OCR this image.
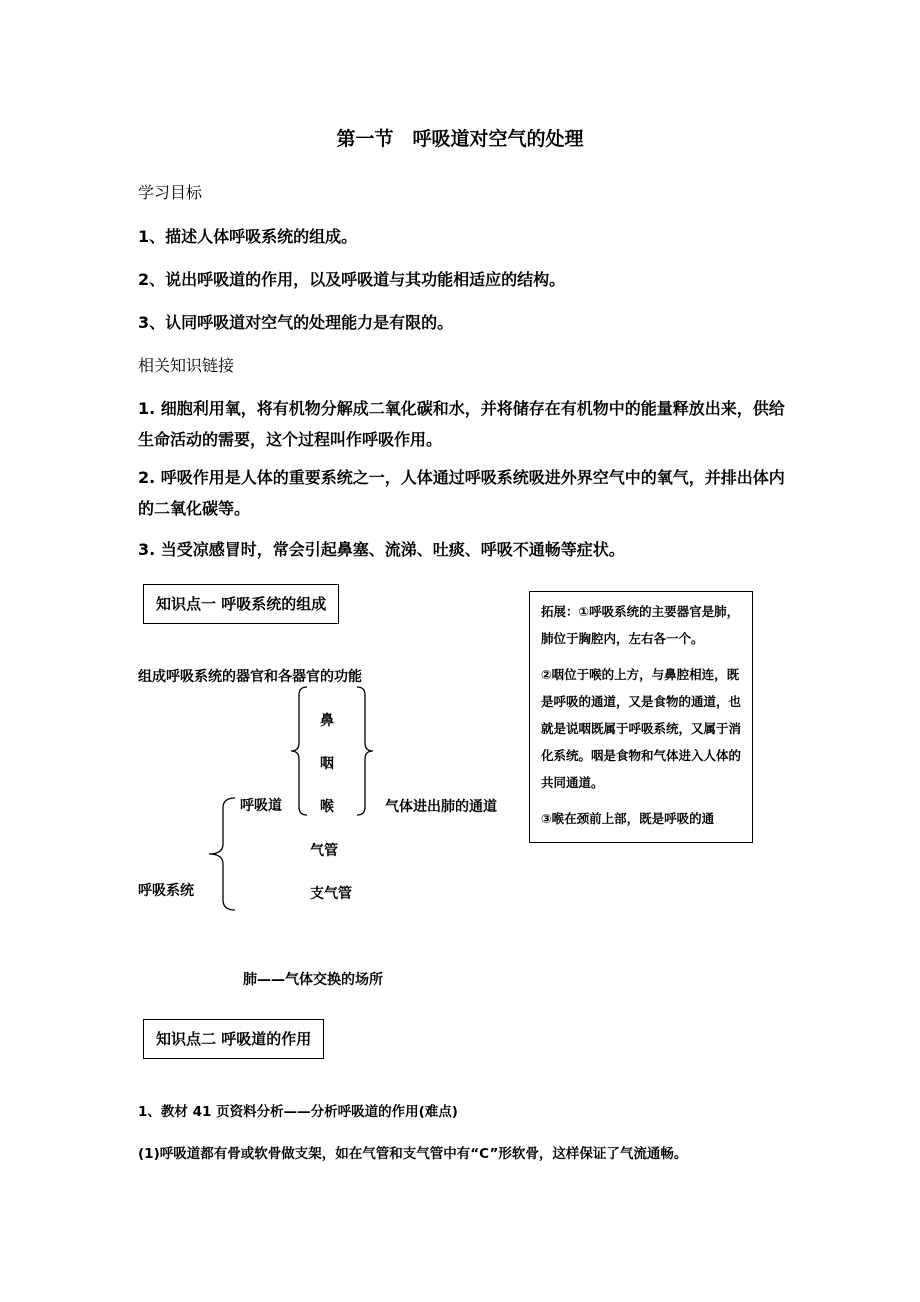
第一节　呼吸道对空气的处理
学习目标
1、描述人体呼吸系统的组成。
2、说出呼吸道的作用，以及呼吸道与其功能相适应的结构。
3、认同呼吸道对空气的处理能力是有限的。
相关知识链接
1. 细胞利用氧，将有机物分解成二氧化碳和水，并将储存在有机物中的能量释放出来，供给生命活动的需要，这个过程叫作呼吸作用。
2. 呼吸作用是人体的重要系统之一，人体通过呼吸系统吸进外界空气中的氧气，并排出体内的二氧化碳等。
3. 当受凉感冒时，常会引起鼻塞、流涕、吐痰、呼吸不通畅等症状。
知识点一 呼吸系统的组成	拓展：①呼吸系统的主要器官是肺，肺位于胸腔内，左右各一个。

②咽位于喉的上方，与鼻腔相连，既是呼吸的通道，又是食物的通道，也就是说咽既属于呼吸系统，又属于消化系统。咽是食物和气体进入人体的共同通道。

③喉在颈前上部，既是呼吸的通

组成呼吸系统的器官和各器官的功能
呼吸系统
呼吸道
鼻
咽
喉	气体进出肺的通道
气管
支气管
肺——气体交换的场所
知识点二 呼吸道的作用
1、教材 41 页资料分析——分析呼吸道的作用(难点)
(1)呼吸道都有骨或软骨做支架，如在气管和支气管中有“C”形软骨，这样保证了气流通畅。
